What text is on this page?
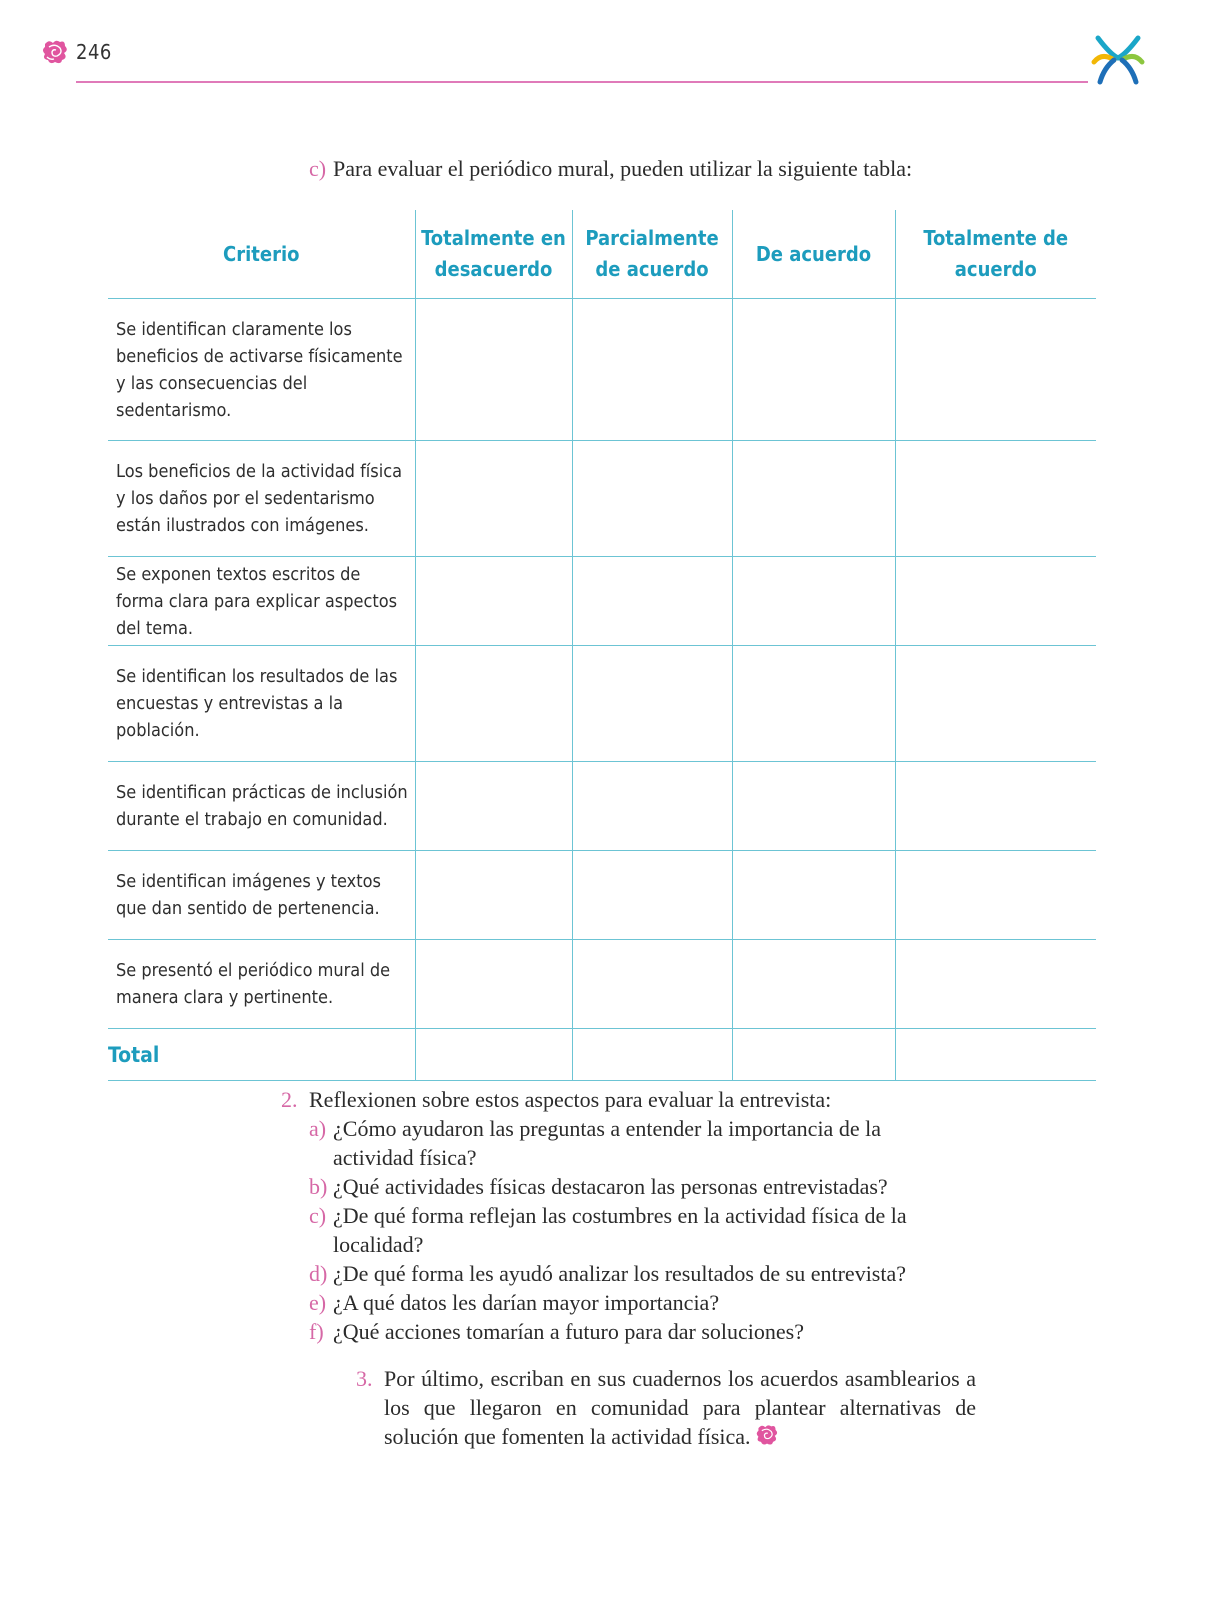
246
c) Para evaluar el periódico mural, pueden utilizar la siguiente tabla:
Criterio	Totalmente en desacuerdo	Parcialmente de acuerdo	De acuerdo	Totalmente de acuerdo
Se identifican claramente los beneficios de activarse físicamente y las consecuencias del sedentarismo.				
Los beneficios de la actividad física y los daños por el sedentarismo están ilustrados con imágenes.				
Se exponen textos escritos de forma clara para explicar aspectos del tema.				
Se identifican los resultados de las encuestas y entrevistas a la población.				
Se identifican prácticas de inclusión durante el trabajo en comunidad.				
Se identifican imágenes y textos que dan sentido de pertenencia.				
Se presentó el periódico mural de manera clara y pertinente.				
Total				
2. Reflexionen sobre estos aspectos para evaluar la entrevista:
a) ¿Cómo ayudaron las preguntas a entender la importancia de la actividad física?
b) ¿Qué actividades físicas destacaron las personas entrevistadas?
c) ¿De qué forma reflejan las costumbres en la actividad física de la localidad?
d) ¿De qué forma les ayudó analizar los resultados de su entrevista?
e) ¿A qué datos les darían mayor importancia?
f) ¿Qué acciones tomarían a futuro para dar soluciones?
3. Por último, escriban en sus cuadernos los acuerdos asamblearios a los que llegaron en comunidad para plantear alternativas de solución que fomenten la actividad física.
